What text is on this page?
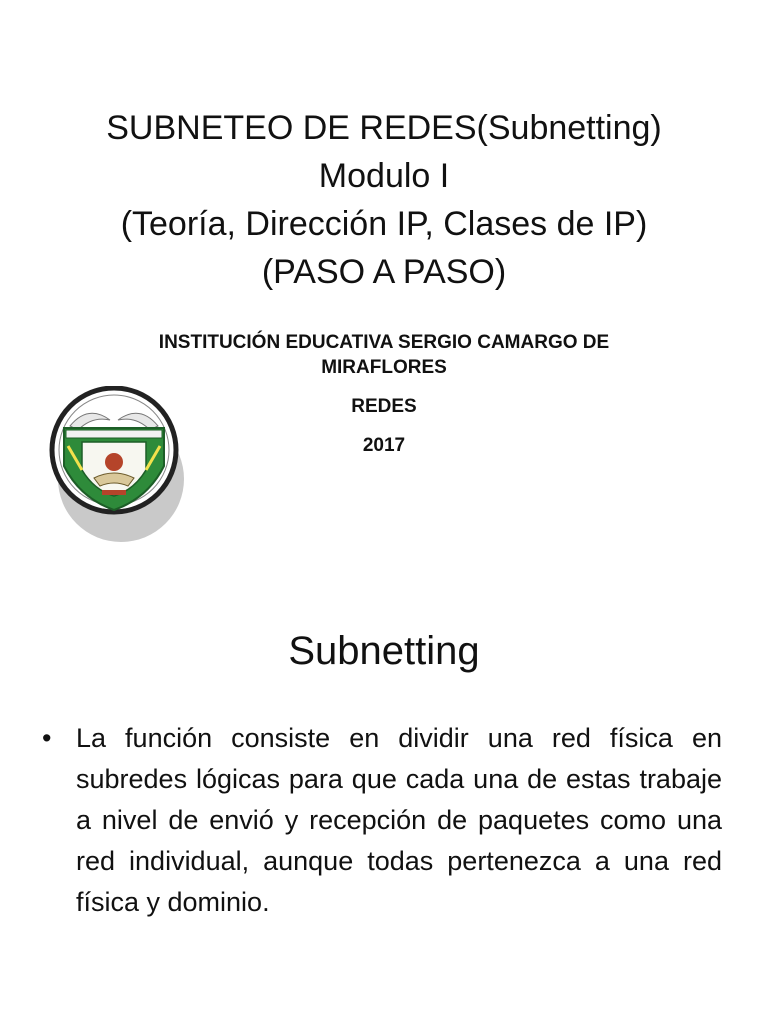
SUBNETEO DE REDES(Subnetting)
Modulo I
(Teoría, Dirección IP, Clases de IP)
(PASO A PASO)
INSTITUCIÓN EDUCATIVA SERGIO CAMARGO DE MIRAFLORES
REDES
2017
Subnetting
• La función consiste en dividir una red física en subredes lógicas para que cada una de estas trabaje a nivel de envió y recepción de paquetes como una red individual, aunque todas pertenezca a una red física y dominio.
